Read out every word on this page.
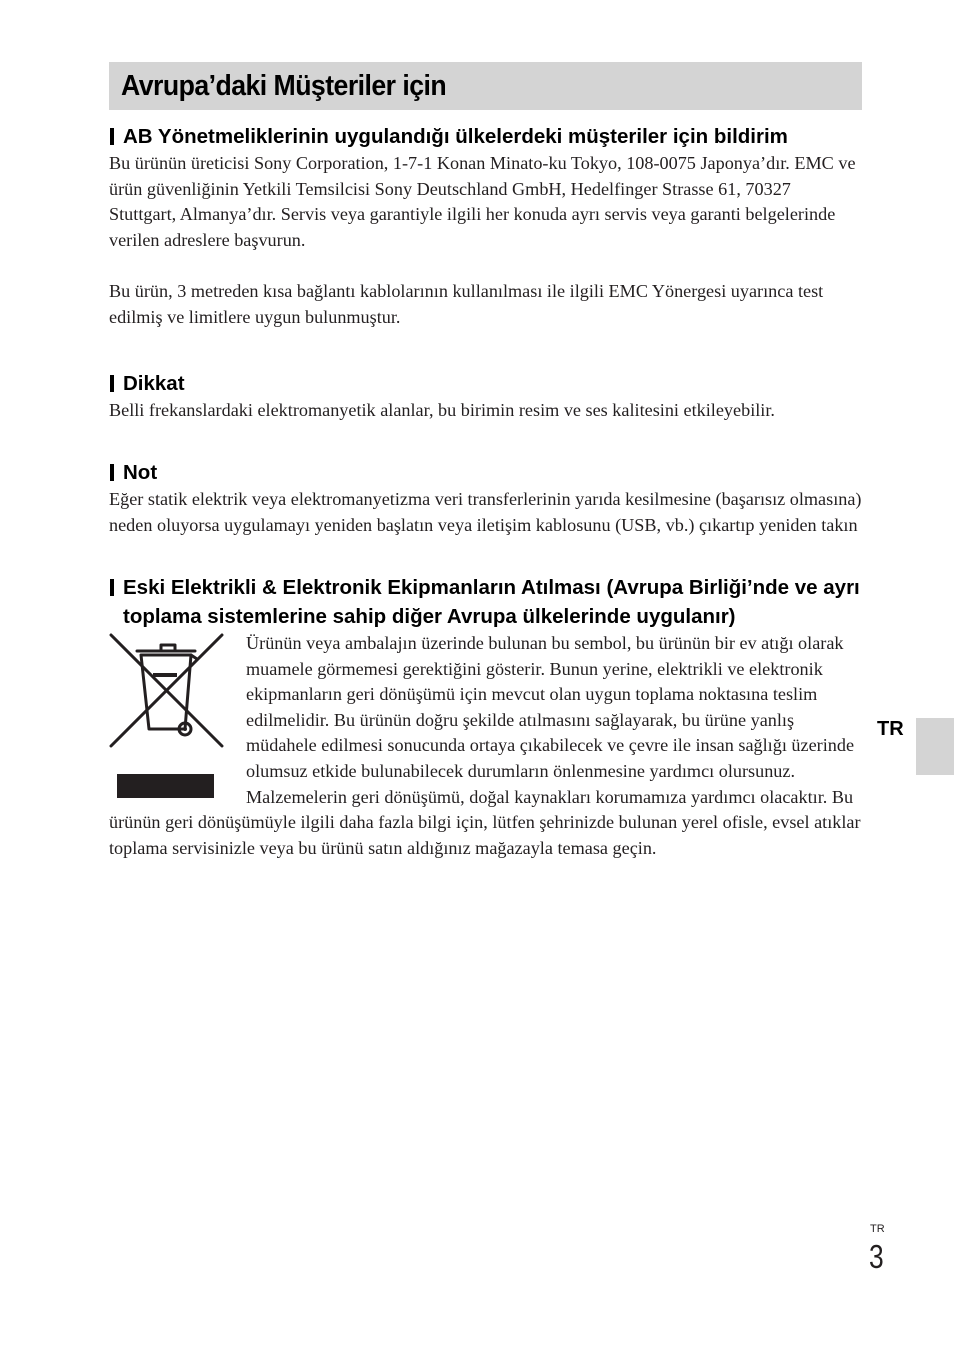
Avrupa’daki Müşteriler için
AB Yönetmeliklerinin uygulandığı ülkelerdeki müşteriler için bildirim

Bu ürünün üreticisi Sony Corporation, 1-7-1 Konan Minato-ku Tokyo, 108-0075 Japonya’dır. EMC ve ürün güvenliğinin Yetkili Temsilcisi Sony Deutschland GmbH, Hedelfinger Strasse 61, 70327 Stuttgart, Almanya’dır. Servis veya garantiyle ilgili her konuda ayrı servis veya garanti belgelerinde verilen adreslere başvurun.

Bu ürün, 3 metreden kısa bağlantı kablolarının kullanılması ile ilgili EMC Yönergesi uyarınca test edilmiş ve limitlere uygun bulunmuştur.

Dikkat

Belli frekanslardaki elektromanyetik alanlar, bu birimin resim ve ses kalitesini etkileyebilir.

Not

Eğer statik elektrik veya elektromanyetizma veri transferlerinin yarıda kesilmesine (başarısız olmasına) neden oluyorsa uygulamayı yeniden başlatın veya iletişim kablosunu (USB, vb.) çıkartıp yeniden takın

Eski Elektrikli & Elektronik Ekipmanların Atılması (Avrupa Birliği’nde ve ayrı toplama sistemlerine sahip diğer Avrupa ülkelerinde uygulanır)

Ürünün veya ambalajın üzerinde bulunan bu sembol, bu ürünün bir ev atığı olarak muamele görmemesi gerektiğini gösterir. Bunun yerine, elektrikli ve elektronik ekipmanların geri dönüşümü için mevcut olan uygun toplama noktasına teslim edilmelidir. Bu ürünün doğru şekilde atılmasını sağlayarak, bu ürüne yanlış müdahele edilmesi sonucunda ortaya çıkabilecek ve çevre ile insan sağlığı üzerinde olumsuz etkide bulunabilecek durumların önlenmesine yardımcı olursunuz. Malzemelerin geri dönüşümü, doğal kaynakları korumamıza yardımcı olacaktır. Bu ürünün geri dönüşümüyle ilgili daha fazla bilgi için, lütfen şehrinizde bulunan yerel ofisle, evsel atıklar toplama servisinizle veya bu ürünü satın aldığınız mağazayla temasa geçin.

TR
TR
3
